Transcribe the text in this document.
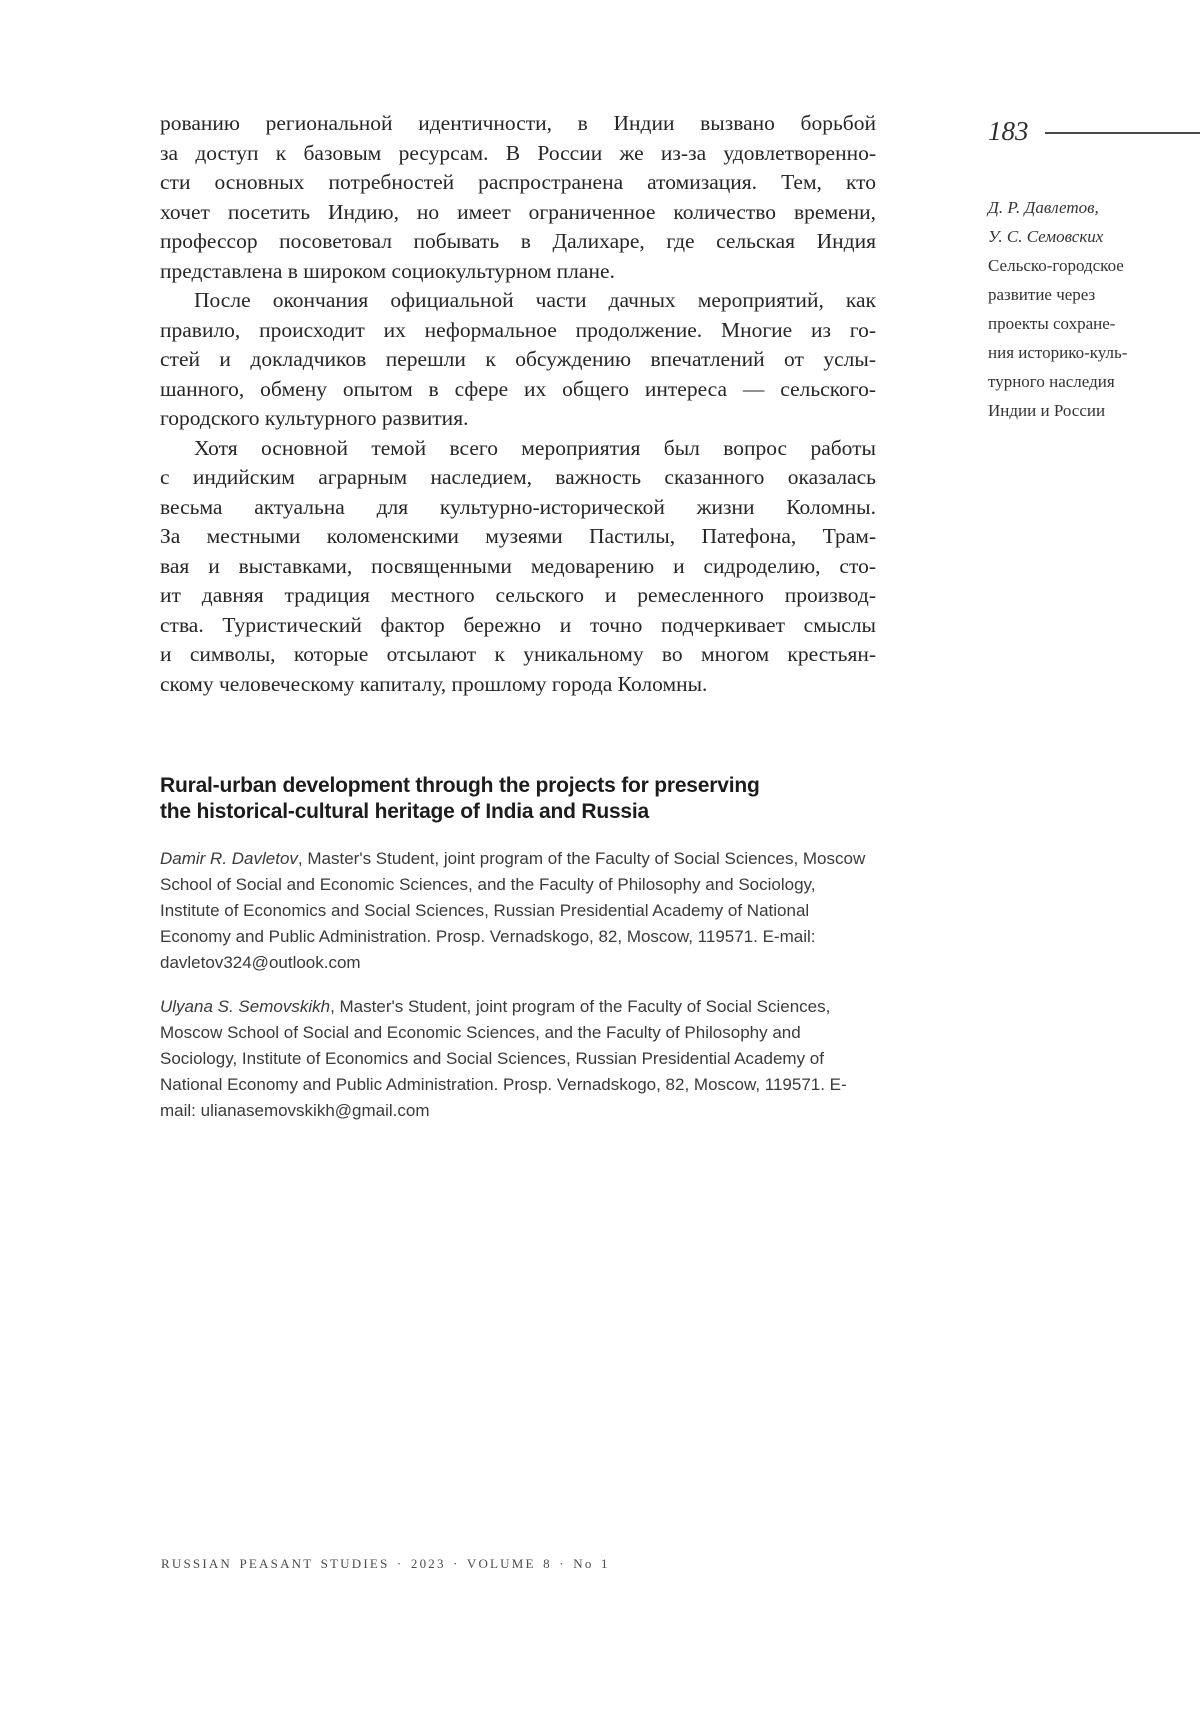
рованию региональной идентичности, в Индии вызвано борьбой
за доступ к базовым ресурсам. В России же из-за удовлетворенно-
сти основных потребностей распространена атомизация. Тем, кто
хочет посетить Индию, но имеет ограниченное количество времени,
профессор посоветовал побывать в Далихаре, где сельская Индия
представлена в широком социокультурном плане.
После окончания официальной части дачных мероприятий, как
правило, происходит их неформальное продолжение. Многие из го-
стей и докладчиков перешли к обсуждению впечатлений от услы-
шанного, обмену опытом в сфере их общего интереса — сельского-
городского культурного развития.
Хотя основной темой всего мероприятия был вопрос работы
с индийским аграрным наследием, важность сказанного оказалась
весьма актуальна для культурно-исторической жизни Коломны.
За местными коломенскими музеями Пастилы, Патефона, Трам-
вая и выставками, посвященными медоварению и сидроделию, сто-
ит давняя традиция местного сельского и ремесленного производ-
ства. Туристический фактор бережно и точно подчеркивает смыслы
и символы, которые отсылают к уникальному во многом крестьян-
скому человеческому капиталу, прошлому города Коломны.
Rural-urban development through the projects for preserving
the historical-cultural heritage of India and Russia
Damir R. Davletov, Master's Student, joint program of the Faculty of Social Sciences, Moscow School of Social and Economic Sciences, and the Faculty of Philosophy and Sociology, Institute of Economics and Social Sciences, Russian Presidential Academy of National Economy and Public Administration. Prosp. Vernadskogo, 82, Moscow, 119571. E-mail: davletov324@outlook.com
Ulyana S. Semovskikh, Master's Student, joint program of the Faculty of Social Sciences, Moscow School of Social and Economic Sciences, and the Faculty of Philosophy and Sociology, Institute of Economics and Social Sciences, Russian Presidential Academy of National Economy and Public Administration. Prosp. Vernadskogo, 82, Moscow, 119571. E-mail: ulianasemovskikh@gmail.com
183
Д. Р. Давлетов,
У. С. Семовских
Сельско-городское
развитие через
проекты сохране-
ния историко-куль-
турного наследия
Индии и России
RUSSIAN PEASANT STUDIES · 2023 · VOLUME 8 · No 1
